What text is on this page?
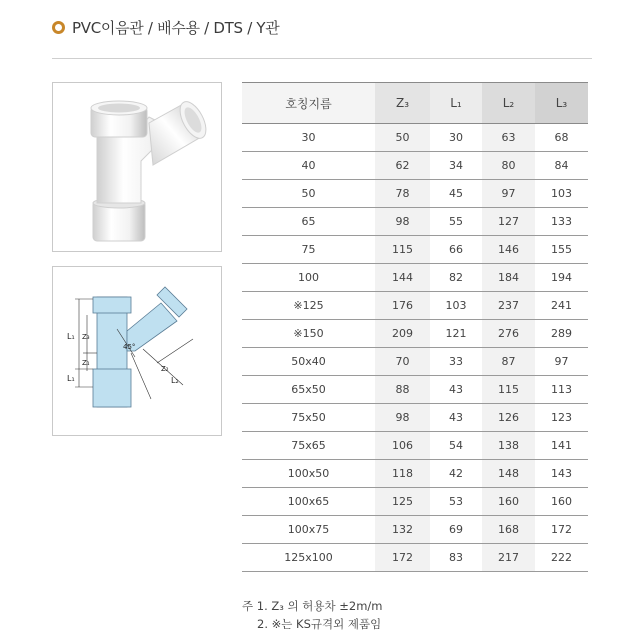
PVC이음관 / 배수용 / DTS / Y관
L₁ Z₃
L₁
Z₁
Z₂
L₂
45°
호칭지름	Z₃	L₁	L₂	L₃
30	50	30	63	68
40	62	34	80	84
50	78	45	97	103
65	98	55	127	133
75	115	66	146	155
100	144	82	184	194
※125	176	103	237	241
※150	209	121	276	289
50x40	70	33	87	97
65x50	88	43	115	113
75x50	98	43	126	123
75x65	106	54	138	141
100x50	118	42	148	143
100x65	125	53	160	160
100x75	132	69	168	172
125x100	172	83	217	222
주 1. Z₃ 의 허용차 ±2m/m
2. ※는 KS규격외 제품임
